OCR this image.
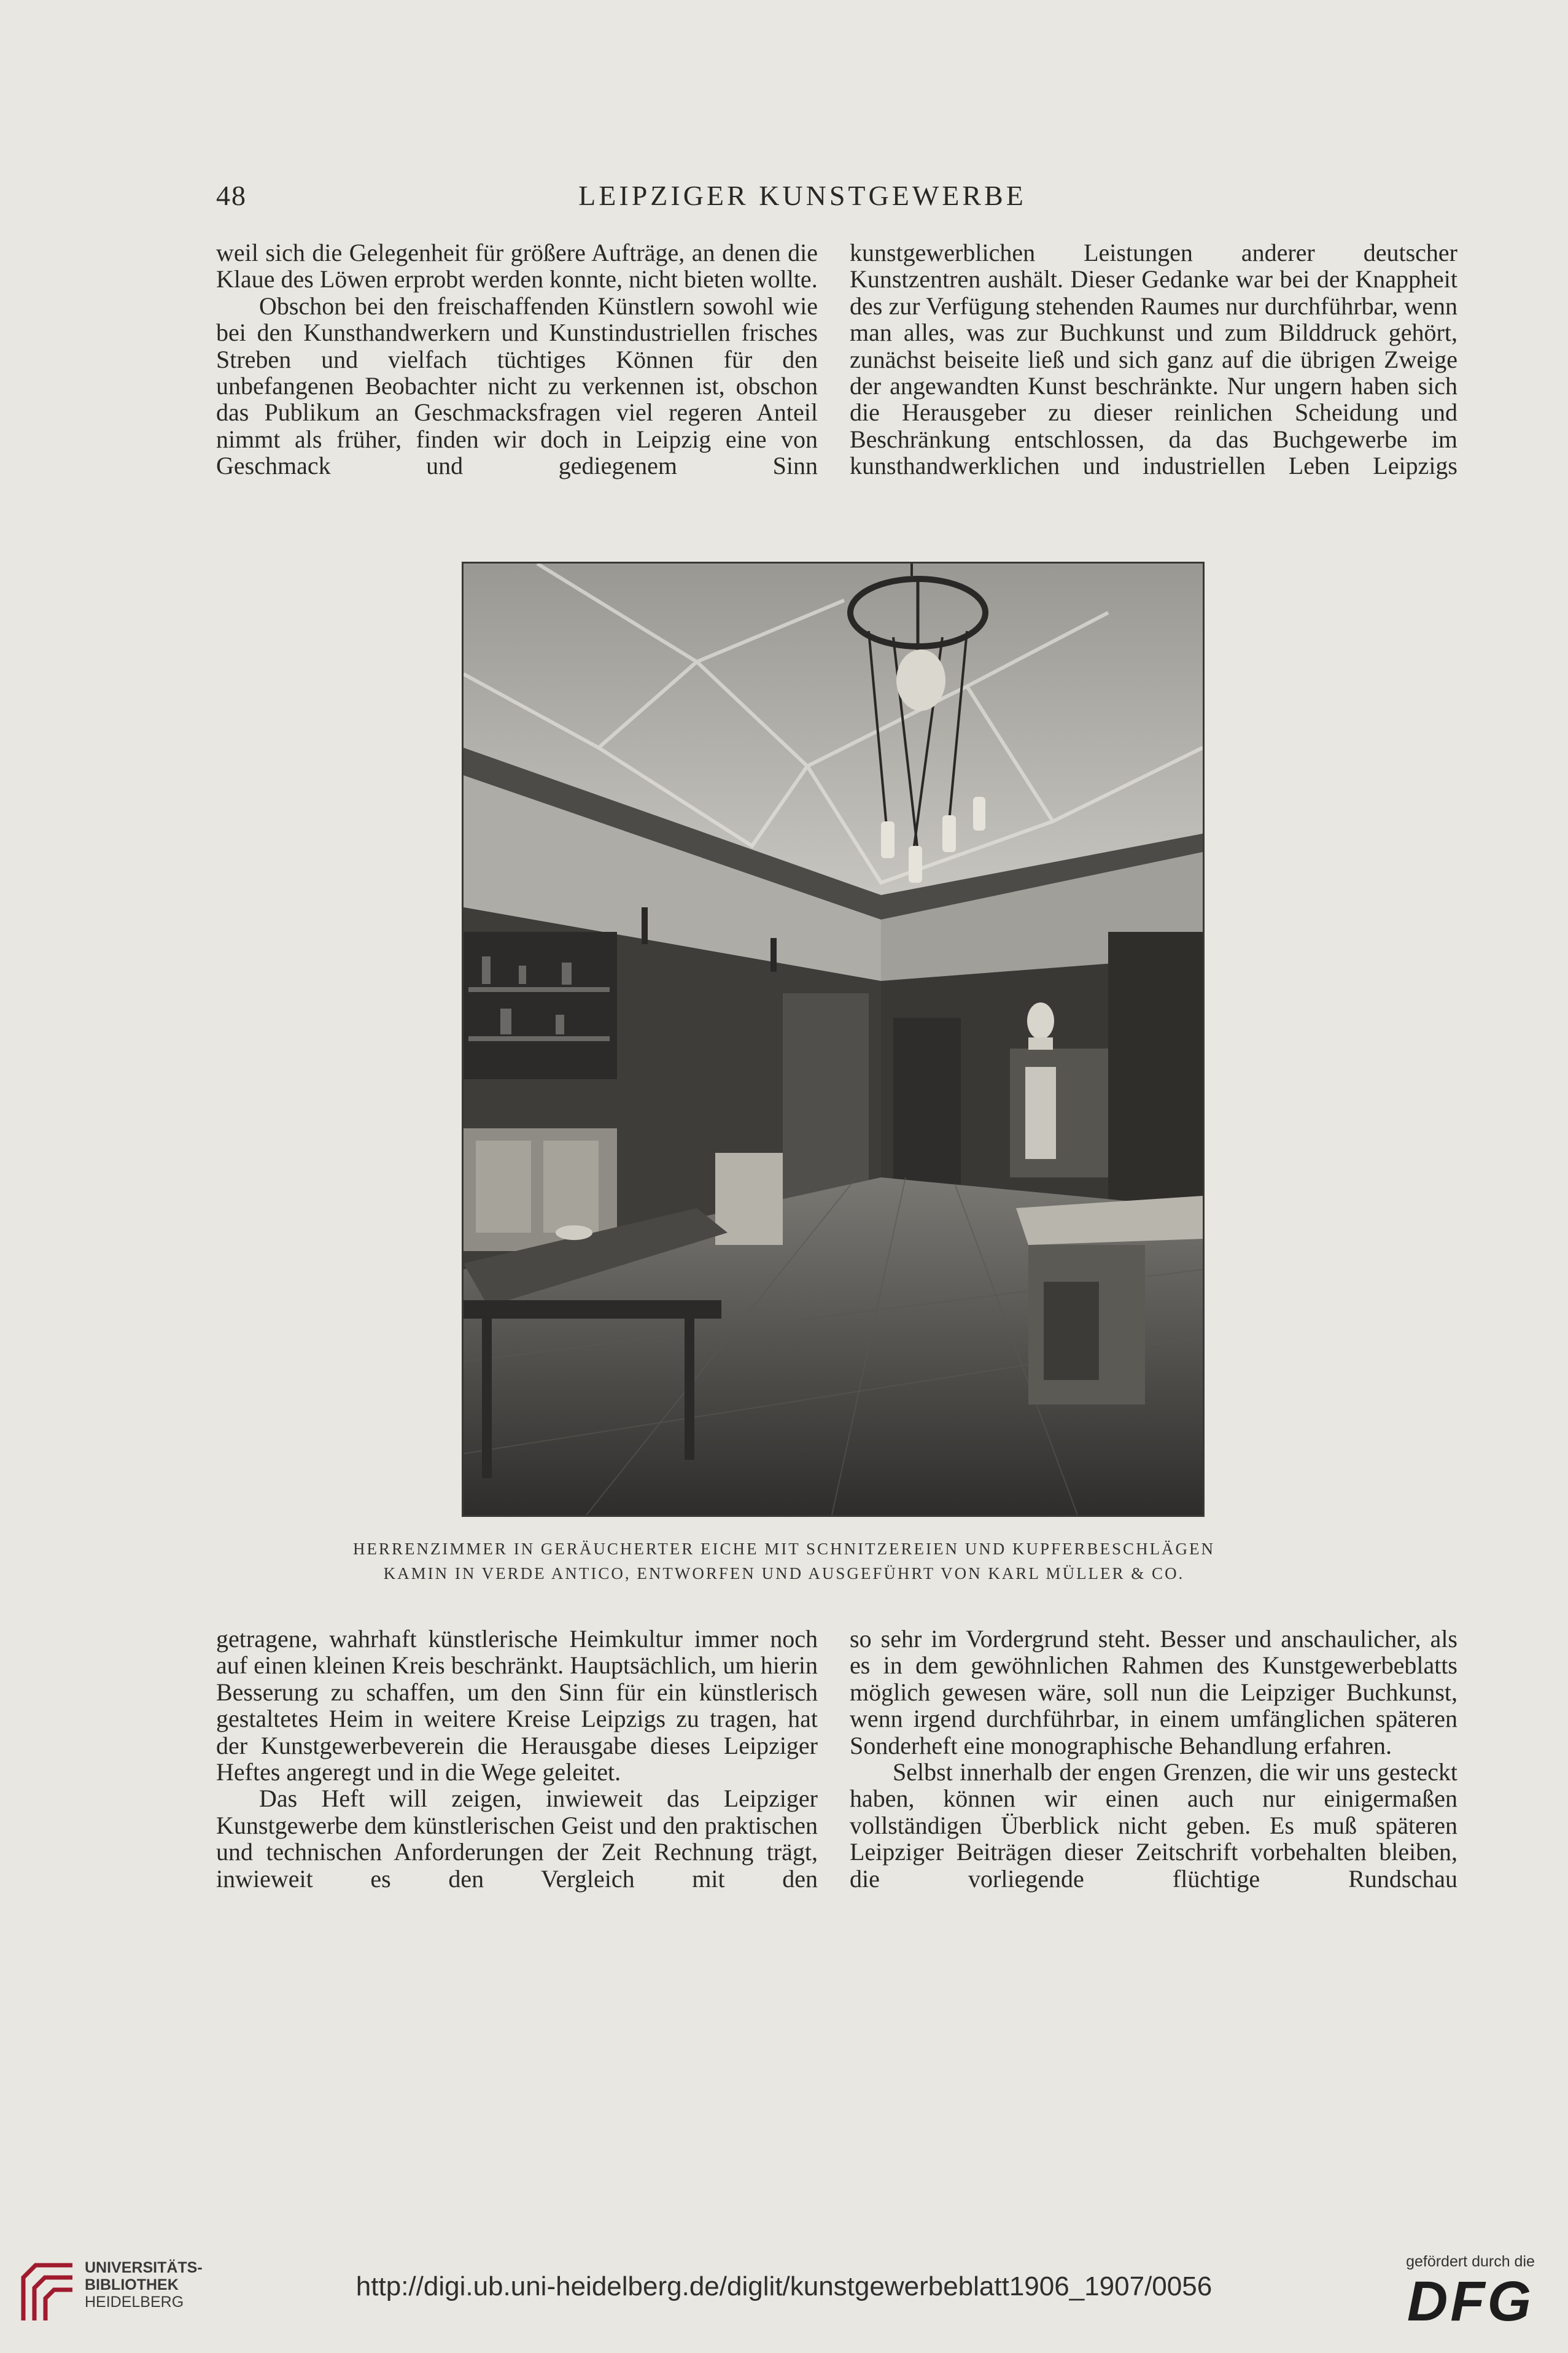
48	LEIPZIGER KUNSTGEWERBE

weil sich die Gelegenheit für größere Aufträge, an denen die Klaue des Löwen erprobt werden konnte, nicht bieten wollte.

Obschon bei den freischaffenden Künstlern sowohl wie bei den Kunsthandwerkern und Kunstindustriellen frisches Streben und vielfach tüchtiges Können für den unbefangenen Beobachter nicht zu verkennen ist, obschon das Publikum an Geschmacksfragen viel regeren Anteil nimmt als früher, finden wir doch in Leipzig eine von Geschmack und gediegenem Sinn

kunstgewerblichen Leistungen anderer deutscher Kunstzentren aushält. Dieser Gedanke war bei der Knappheit des zur Verfügung stehenden Raumes nur durchführbar, wenn man alles, was zur Buchkunst und zum Bilddruck gehört, zunächst beiseite ließ und sich ganz auf die übrigen Zweige der angewandten Kunst beschränkte. Nur ungern haben sich die Herausgeber zu dieser reinlichen Scheidung und Beschränkung entschlossen, da das Buchgewerbe im kunsthandwerklichen und industriellen Leben Leipzigs

HERRENZIMMER IN GERÄUCHERTER EICHE MIT SCHNITZEREIEN UND KUPFERBESCHLÄGEN
KAMIN IN VERDE ANTICO, ENTWORFEN UND AUSGEFÜHRT VON KARL MÜLLER & CO.

getragene, wahrhaft künstlerische Heimkultur immer noch auf einen kleinen Kreis beschränkt. Hauptsächlich, um hierin Besserung zu schaffen, um den Sinn für ein künstlerisch gestaltetes Heim in weitere Kreise Leipzigs zu tragen, hat der Kunstgewerbeverein die Herausgabe dieses Leipziger Heftes angeregt und in die Wege geleitet.

Das Heft will zeigen, inwieweit das Leipziger Kunstgewerbe dem künstlerischen Geist und den praktischen und technischen Anforderungen der Zeit Rechnung trägt, inwieweit es den Vergleich mit den

so sehr im Vordergrund steht. Besser und anschaulicher, als es in dem gewöhnlichen Rahmen des Kunstgewerbeblatts möglich gewesen wäre, soll nun die Leipziger Buchkunst, wenn irgend durchführbar, in einem umfänglichen späteren Sonderheft eine monographische Behandlung erfahren.

Selbst innerhalb der engen Grenzen, die wir uns gesteckt haben, können wir einen auch nur einigermaßen vollständigen Überblick nicht geben. Es muß späteren Leipziger Beiträgen dieser Zeitschrift vorbehalten bleiben, die vorliegende flüchtige Rundschau

UNIVERSITÄTS-
BIBLIOTHEK
HEIDELBERG
http://digi.ub.uni-heidelberg.de/diglit/kunstgewerbeblatt1906_1907/0056
gefördert durch die
DFG
